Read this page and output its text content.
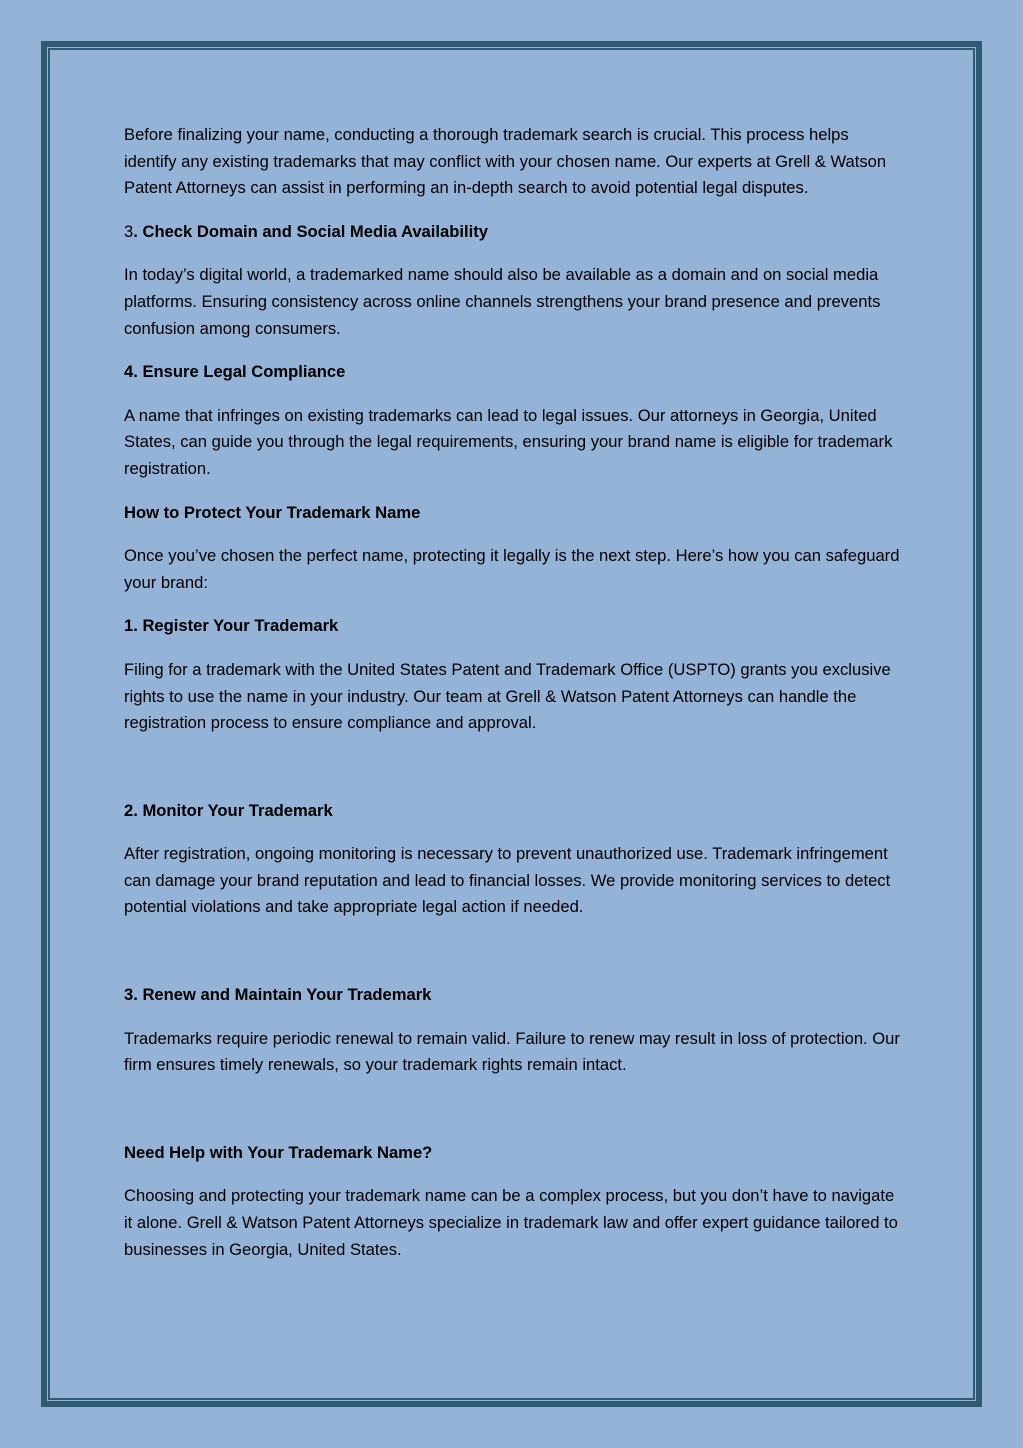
Before finalizing your name, conducting a thorough trademark search is crucial. This process helps identify any existing trademarks that may conflict with your chosen name. Our experts at Grell & Watson Patent Attorneys can assist in performing an in-depth search to avoid potential legal disputes.

3. Check Domain and Social Media Availability

In today’s digital world, a trademarked name should also be available as a domain and on social media platforms. Ensuring consistency across online channels strengthens your brand presence and prevents confusion among consumers.

4. Ensure Legal Compliance

A name that infringes on existing trademarks can lead to legal issues. Our attorneys in Georgia, United States, can guide you through the legal requirements, ensuring your brand name is eligible for trademark registration.

How to Protect Your Trademark Name

Once you’ve chosen the perfect name, protecting it legally is the next step. Here’s how you can safeguard your brand:

1. Register Your Trademark

Filing for a trademark with the United States Patent and Trademark Office (USPTO) grants you exclusive rights to use the name in your industry. Our team at Grell & Watson Patent Attorneys can handle the registration process to ensure compliance and approval.

2. Monitor Your Trademark

After registration, ongoing monitoring is necessary to prevent unauthorized use. Trademark infringement can damage your brand reputation and lead to financial losses. We provide monitoring services to detect potential violations and take appropriate legal action if needed.

3. Renew and Maintain Your Trademark

Trademarks require periodic renewal to remain valid. Failure to renew may result in loss of protection. Our firm ensures timely renewals, so your trademark rights remain intact.

Need Help with Your Trademark Name?

Choosing and protecting your trademark name can be a complex process, but you don’t have to navigate it alone. Grell & Watson Patent Attorneys specialize in trademark law and offer expert guidance tailored to businesses in Georgia, United States.
